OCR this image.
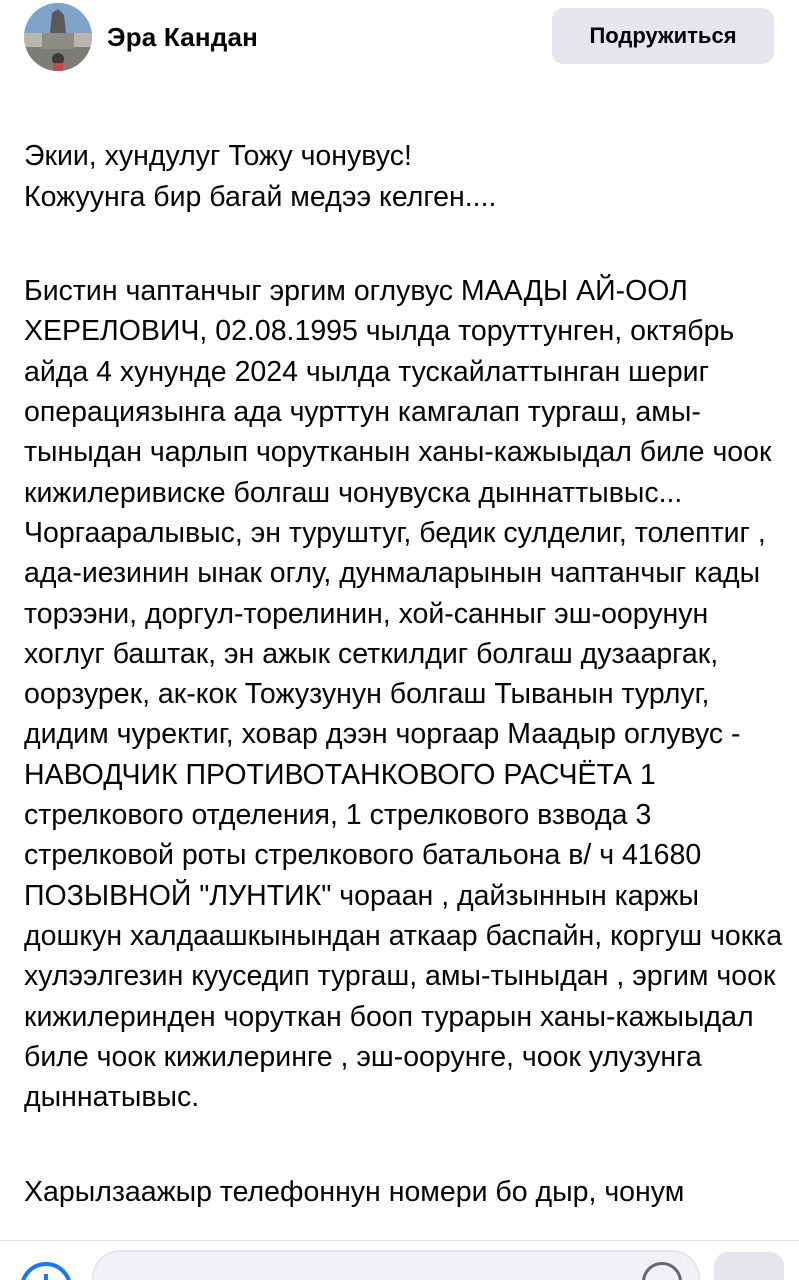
Эра Кандан	Подружиться

Экии, хундулуг Тожу чонувус!
Кожуунга бир багай медээ келген....

Бистин чаптанчыг эргим оглувус МААДЫ АЙ-ООЛ ХЕРЕЛОВИЧ, 02.08.1995 чылда торуттунген, октябрь айда 4 хунунде 2024 чылда тускайлаттынган шериг операциязынга ада чурттун камгалап тургаш, амы-тыныдан чарлып чорутканын ханы-кажыыдал биле чоок кижилеривиске болгаш чонувуска дыннаттывыс...
Чоргааралывыс, эн туруштуг, бедик сулделиг, толептиг , ада-иезинин ынак оглу, дунмаларынын чаптанчыг кады торээни, доргул-торелинин, хой-санныг эш-оорунун хоглуг баштак, эн ажык сеткилдиг болгаш дузааргак, оорзурек, ак-кок Тожузунун болгаш Тыванын турлуг, дидим чуректиг, ховар дээн чоргаар Маадыр оглувус - НАВОДЧИК ПРОТИВОТАНКОВОГО РАСЧЁТА 1 стрелкового отделения, 1 стрелкового взвода 3 стрелковой роты стрелкового батальона в/ ч 41680 ПОЗЫВНОЙ "ЛУНТИК" чораан , дайзыннын каржы дошкун халдаашкынындан аткаар баспайн, коргуш чокка хулээлгезин кууседип тургаш, амы-тыныдан , эргим чоок кижилеринден чоруткан боoп турарын ханы-кажыыдал биле чоок кижилеринге , эш-оорунге, чоок улузунга дыннатывыс.

Харылзаажыр телефоннун номери бо дыр, чонум
